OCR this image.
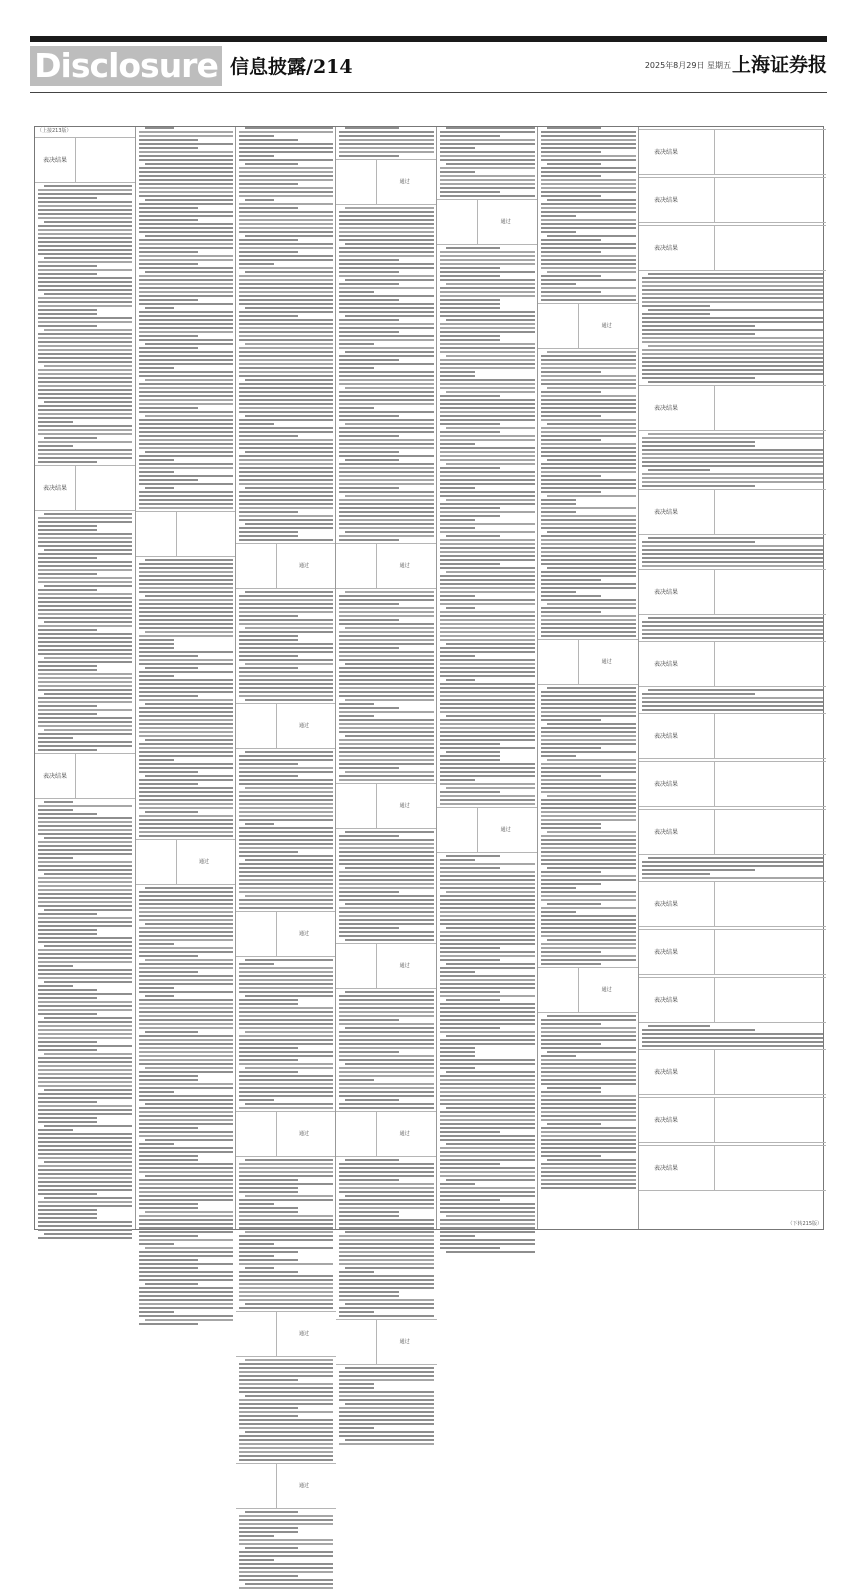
Disclosure 信息披露/214	2025年8月29日 星期五 上海证券报
（上接213版）
表决结果
表决结果
表决结果
通过
通过
通过
通过
通过
通过
通过
通过
通过
通过
通过
通过
通过
通过
通过
通过
通过
通过
表决结果
表决结果
表决结果
表决结果
表决结果
表决结果
表决结果
表决结果
表决结果
表决结果
表决结果
表决结果
表决结果
表决结果
表决结果
表决结果
（下转215版）
